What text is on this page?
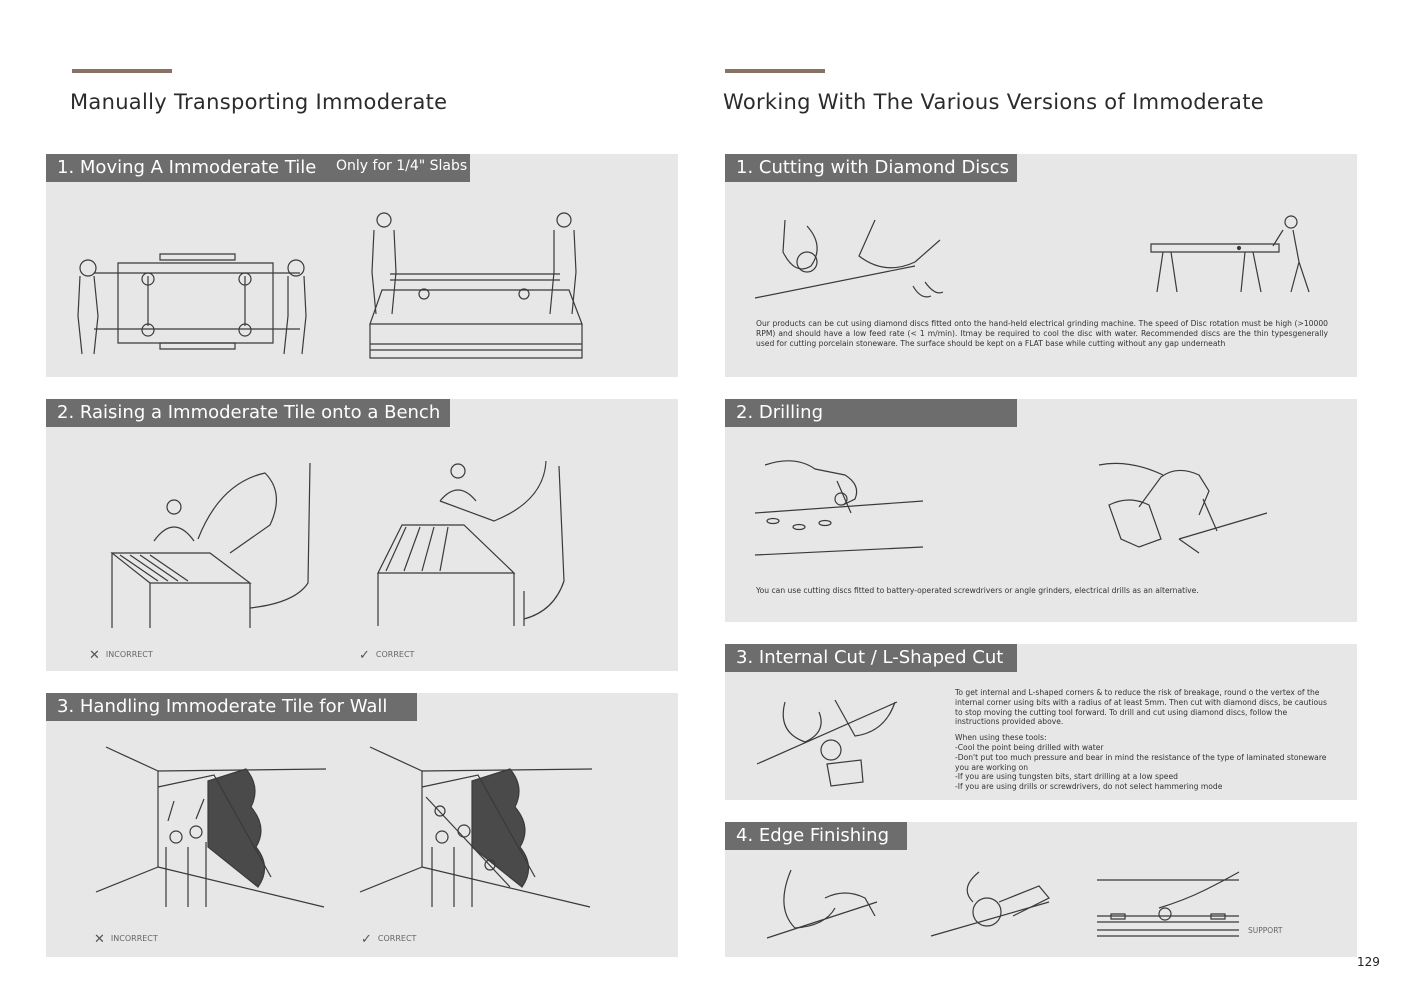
Manually Transporting Immoderate
1. Moving A Immoderate Tile	Only for 1/4" Slabs
2. Raising a Immoderate Tile onto a Bench
✕ INCORRECT	✓ CORRECT
3. Handling Immoderate Tile for Wall
✕ INCORRECT	✓ CORRECT
Working With The Various Versions of Immoderate
1. Cutting with Diamond Discs
Our products can be cut using diamond discs fitted onto the hand-held electrical grinding machine. The speed of Disc rotation must be high (>10000 RPM) and should have a low feed rate (< 1 m/min). Itmay be required to cool the disc with water. Recommended discs are the thin typesgenerally used for cutting porcelain stoneware. The surface should be kept on a FLAT base while cutting without any gap underneath
2. Drilling
You can use cutting discs fitted to battery-operated screwdrivers or angle grinders, electrical drills as an alternative.
3. Internal Cut / L-Shaped Cut
To get internal and L-shaped corners & to reduce the risk of breakage, round o the vertex of the internal corner using bits with a radius of at least 5mm. Then cut with diamond discs, be cautious to stop moving the cutting tool forward. To drill and cut using diamond discs, follow the instructions provided above.
When using these tools:
-Cool the point being drilled with water
-Don't put too much pressure and bear in mind the resistance of the type of laminated stoneware you are working on
-If you are using tungsten bits, start drilling at a low speed
-If you are using drills or screwdrivers, do not select hammering mode
4. Edge Finishing
SUPPORT
129
